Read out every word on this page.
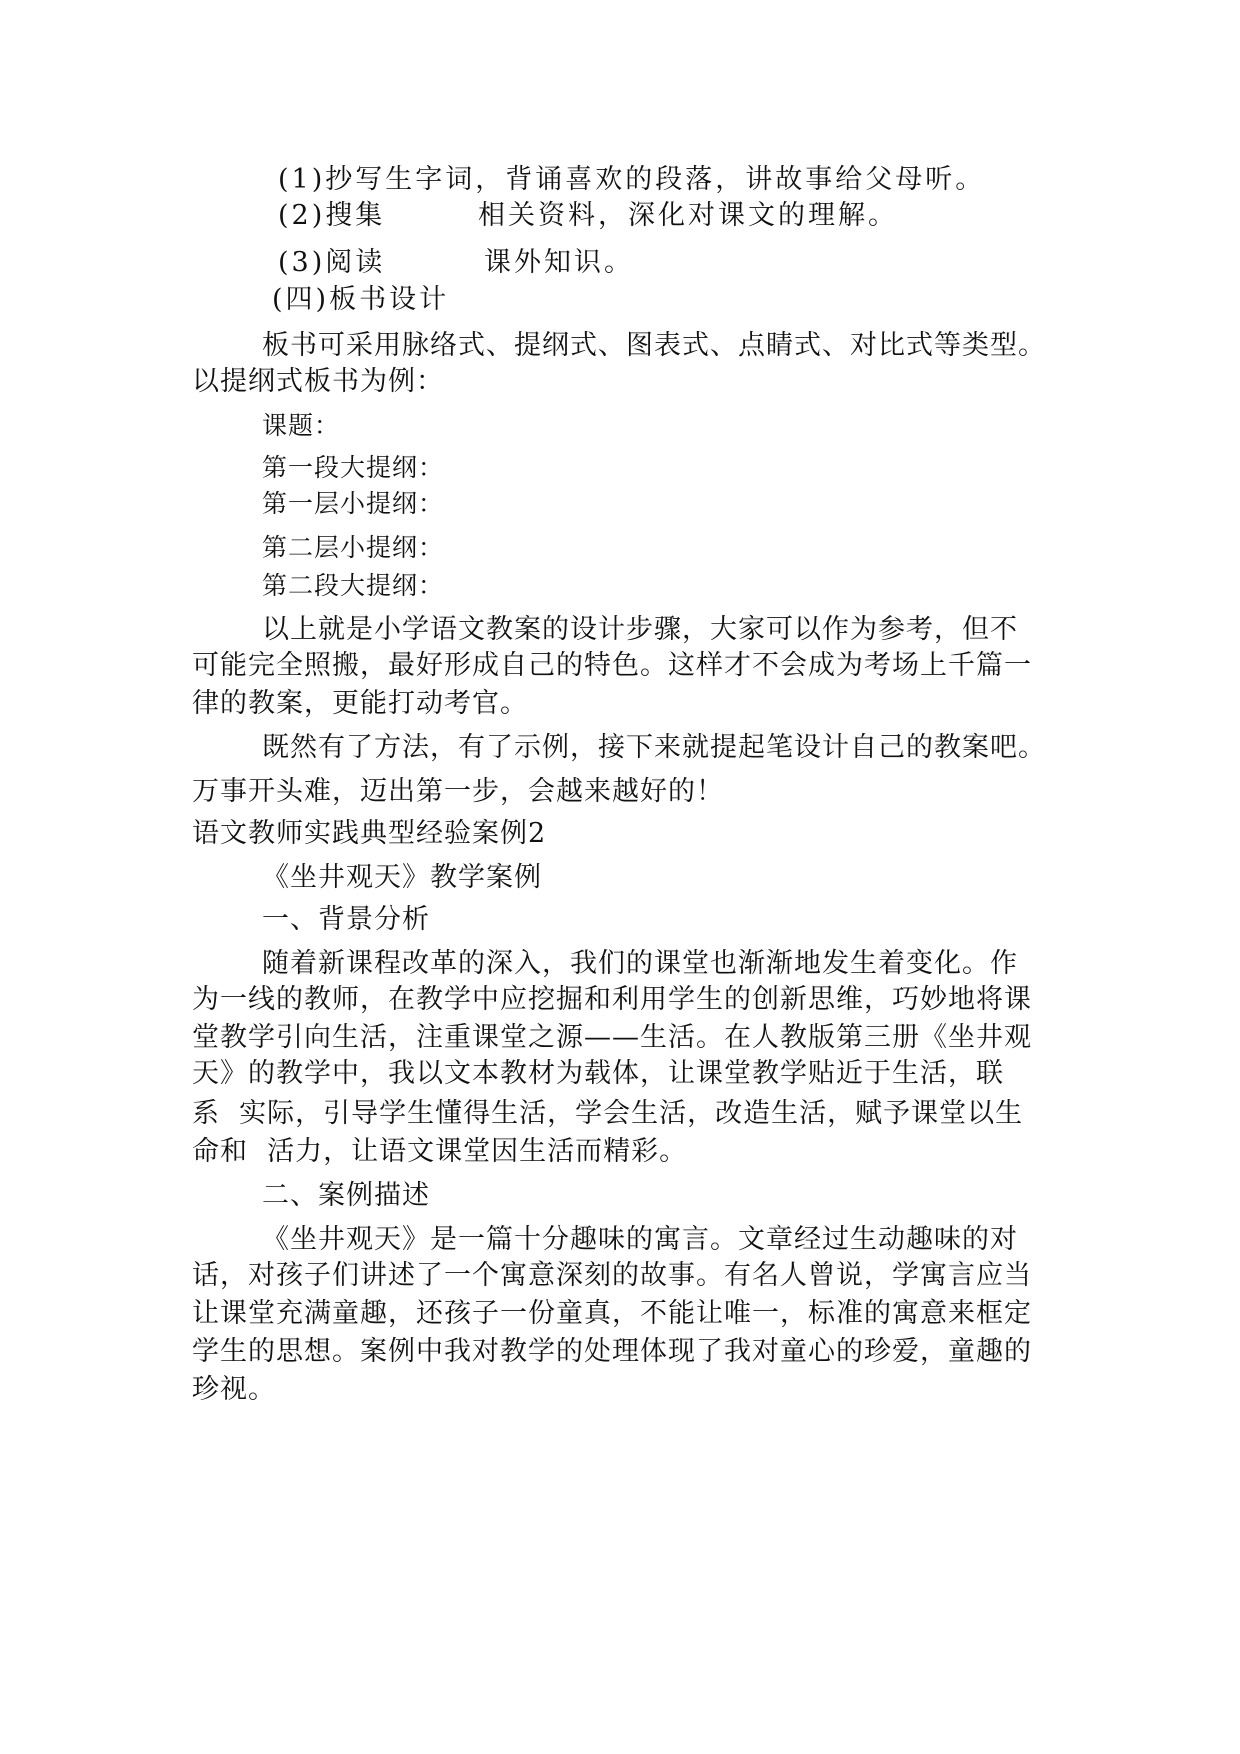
(1)抄写生字词，背诵喜欢的段落，讲故事给父母听。
(2)搜集	相关资料，深化对课文的理解。
(3)阅读	课外知识。
(四)板书设计
板书可采用脉络式、提纲式、图表式、点睛式、对比式等类型。
以提纲式板书为例：
课题：
第一段大提纲：
第一层小提纲：
第二层小提纲：
第二段大提纲：
以上就是小学语文教案的设计步骤，大家可以作为参考，但不
可能完全照搬，最好形成自己的特色。这样才不会成为考场上千篇一
律的教案，更能打动考官。
既然有了方法，有了示例，接下来就提起笔设计自己的教案吧。
万事开头难，迈出第一步，会越来越好的！
语文教师实践典型经验案例2
《坐井观天》教学案例
一、背景分析
随着新课程改革的深入，我们的课堂也渐渐地发生着变化。作
为一线的教师，在教学中应挖掘和利用学生的创新思维，巧妙地将课
堂教学引向生活，注重课堂之源——生活。在人教版第三册《坐井观
天》的教学中，我以文本教材为载体，让课堂教学贴近于生活，联
系  实际，引导学生懂得生活，学会生活，改造生活，赋予课堂以生
命和  活力，让语文课堂因生活而精彩。
二、案例描述
《坐井观天》是一篇十分趣味的寓言。文章经过生动趣味的对
话，对孩子们讲述了一个寓意深刻的故事。有名人曾说，学寓言应当
让课堂充满童趣，还孩子一份童真，不能让唯一，标准的寓意来框定
学生的思想。案例中我对教学的处理体现了我对童心的珍爱，童趣的
珍视。
